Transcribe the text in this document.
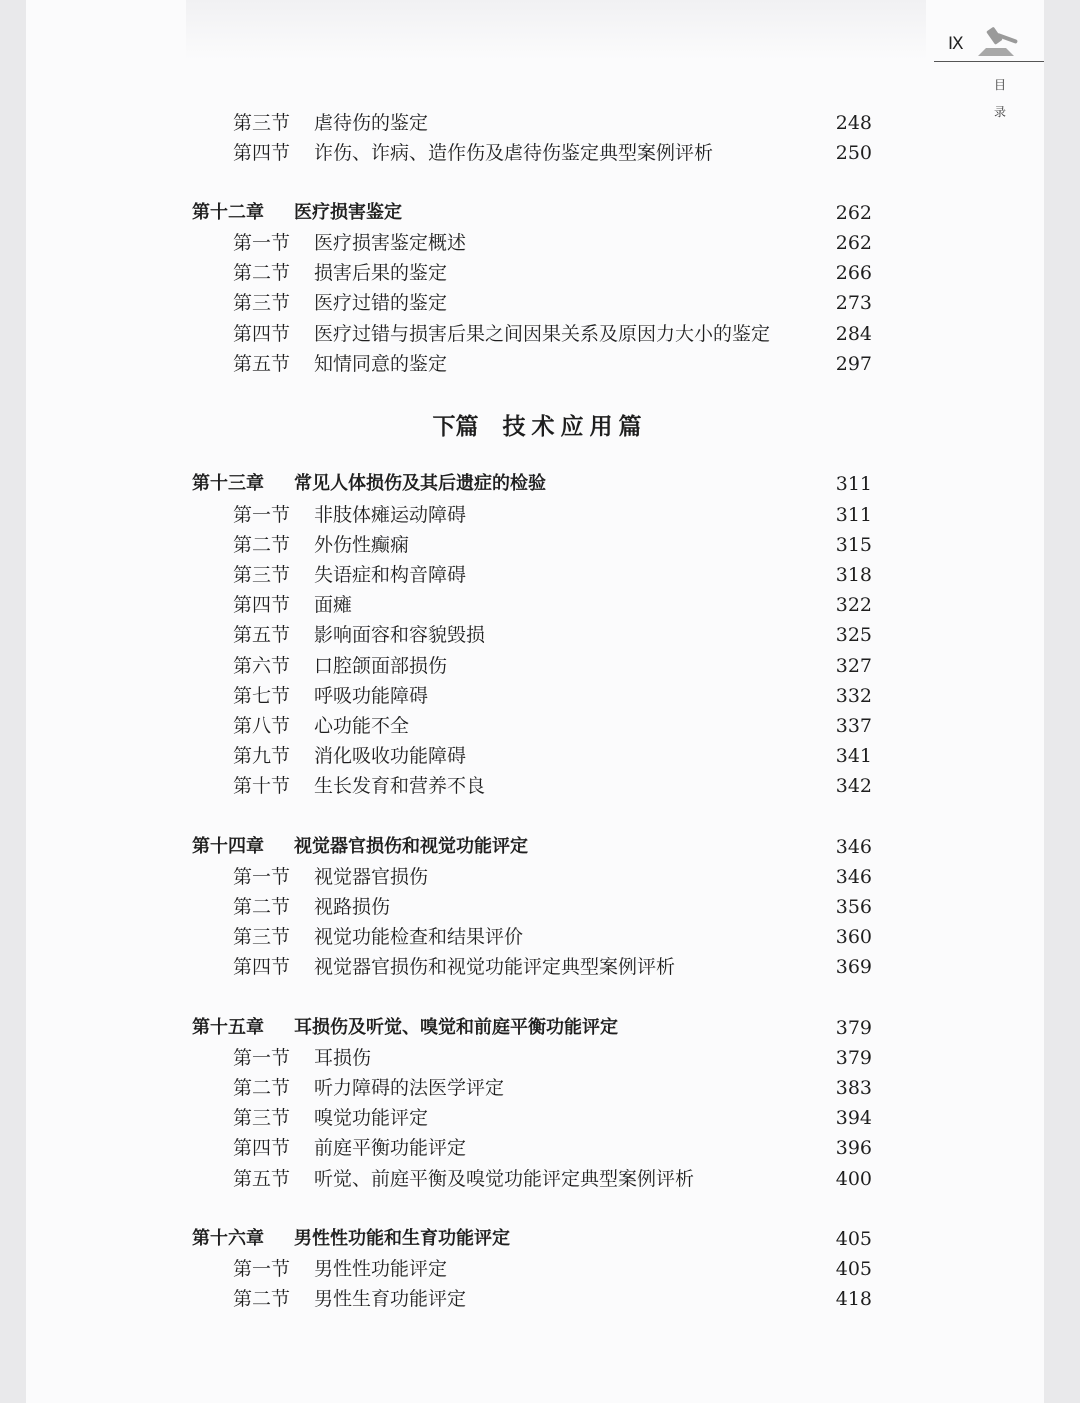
Ⅸ
目
录
下篇 技术应用篇
第三节 虐待伤的鉴定	248
第四节 诈伤、诈病、造作伤及虐待伤鉴定典型案例评析	250
第十二章 医疗损害鉴定	262
第一节 医疗损害鉴定概述	262
第二节 损害后果的鉴定	266
第三节 医疗过错的鉴定	273
第四节 医疗过错与损害后果之间因果关系及原因力大小的鉴定	284
第五节 知情同意的鉴定	297
第十三章 常见人体损伤及其后遗症的检验	311
第一节 非肢体瘫运动障碍	311
第二节 外伤性癫痫	315
第三节 失语症和构音障碍	318
第四节 面瘫	322
第五节 影响面容和容貌毁损	325
第六节 口腔颌面部损伤	327
第七节 呼吸功能障碍	332
第八节 心功能不全	337
第九节 消化吸收功能障碍	341
第十节 生长发育和营养不良	342
第十四章 视觉器官损伤和视觉功能评定	346
第一节 视觉器官损伤	346
第二节 视路损伤	356
第三节 视觉功能检查和结果评价	360
第四节 视觉器官损伤和视觉功能评定典型案例评析	369
第十五章 耳损伤及听觉、嗅觉和前庭平衡功能评定	379
第一节 耳损伤	379
第二节 听力障碍的法医学评定	383
第三节 嗅觉功能评定	394
第四节 前庭平衡功能评定	396
第五节 听觉、前庭平衡及嗅觉功能评定典型案例评析	400
第十六章 男性性功能和生育功能评定	405
第一节 男性性功能评定	405
第二节 男性生育功能评定	418
